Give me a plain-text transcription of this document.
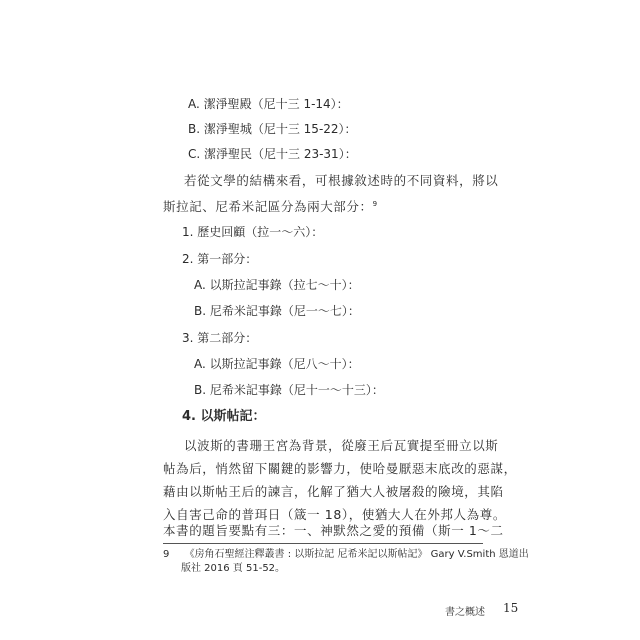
A. 潔淨聖殿（尼十三 1-14）：
B. 潔淨聖城（尼十三 15-22）：
C. 潔淨聖民（尼十三 23-31）：
若從文學的結構來看，可根據敘述時的不同資料，將以
斯拉記、尼希米記區分為兩大部分：$^9$
1. 歷史回顧（拉一～六）：
2. 第一部分：
A. 以斯拉記事錄（拉七～十）：
B. 尼希米記事錄（尼一～七）：
3. 第二部分：
A. 以斯拉記事錄（尼八～十）：
B. 尼希米記事錄（尼十一～十三）：
4. 以斯帖記：
以波斯的書珊王宮為背景，從廢王后瓦實提至冊立以斯
帖為后，悄然留下關鍵的影響力，使哈曼厭惡末底改的惡謀，
藉由以斯帖王后的諫言，化解了猶大人被屠殺的險境，其陷
入自害己命的普珥日（箴一 18），使猶大人在外邦人為尊。
本書的題旨要點有三：一、神默然之愛的預備（斯一 1～二
9 《房角石聖經注釋叢書 : 以斯拉記 尼希米記以斯帖記》 Gary V.Smith 恩道出
版社 2016 頁 51-52。
書之概述 15
